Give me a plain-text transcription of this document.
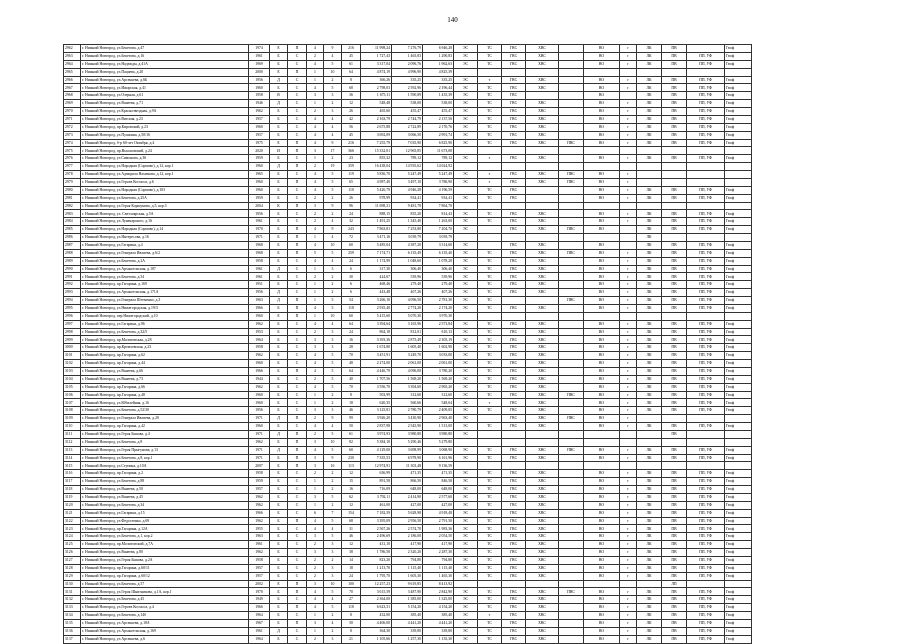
140
2962	г. Нижний Новгород, ул.Бекетова, д.47	1974	Е	П	4	9	216	11 998,24	7 276,79	6 946,20	ЭС	ТС	ГВС	ХВС		ВО	г	ЛК	ПВ		Гвоф
2963	г. Нижний Новгород, ул.Бекетова, д.16	1961	Б	С	2	4	45	1 727,43	1 465,83	1 290,83	ЭС	ТС	ГВС	ХВС		ВО	г	ЛК	ПВ	ПП, УФ	Гвоф
2964	г. Нижний Новгород, ул.Надежды, д.41А	1969	Б	С	4	5	61	3 317,04	2 096,76	1 962,63	ЭС	ТС	ГВС	ХВС		ВО	г	ЛК	ПВ	ПП, УФ	Гвоф
2965	г. Нижний Новгород, ул.Пацаева, д.20	2000	Е	П	1	10	64	4 874,19	4 996,90	4 825,39											
2966	г. Нижний Новгород, ул.Арсеньева, д.6Б	1956	Д	С	1	2	8	366,26	335,25	335,25	ЭС	т	ГВС	ХВС		ВО	г	ЛК	ПВ	ПП, УФ	Гвоф
2967	г. Нижний Новгород, ул.Ижорская, д.41	1960	Б	С	4	5	68	2 798,03	2 592,96	2 196,44	ЭС	ТС	ГВС	ХВС		ВО	г	ЛК	ПВ	ПП, УФ	Гвоф
2968	г. Нижний Новгород, ул.Озерная, д.61	1958	В	С	3	3	36	1 675,11	1 590,89	1 435,39	ЭС	ТС	ГВС			ВО		ЛК	ПВ	ПП, УФ	Гвоф
2969	г. Нижний Новгород, ул.Ванеева, д.71	1946	Д	С	1	2	12	548,48	538,00	538,00	ЭС	ТС	ГВС	ХВС		ВО	г	ЛК	ПВ	ПП, УФ	Гвоф
2970	г. Нижний Новгород, ул.Краснозвездная, д.9А	1962	Б	С	2	3	26	465,60	455,47	455,47	ЭС	ТС	ГВС	ХВС		ВО	г	ЛК	ПВ	ПП, УФ	Гвоф
2971	г. Нижний Новгород, ул.Вятская, д.23	1957	Б	С	4	4	42	2 163,79	2 744,79	2 137,56	ЭС	ТС	ГВС	ХВС		ВО	г	ЛК	ПВ	ПП, УФ	Гвоф
2972	г. Нижний Новгород, пр.Кировский, д.23	1960	Б	С	4	4	56	2 675,88	2 722,89	2 170,76	ЭС	ТС	ГВС	ХВС		ВО	г	ЛК	ПВ	ПП, УФ	Гвоф
2973	г. Нижний Новгород, ул.Пушкина, д.50/16	1957	Б	С	4	4	45	3 692,09	3 066,50	2 991,74	ЭС	ТС	ГВС	ХВС		ВО	г	ЛК	ПВ	ПП, УФ	Гвоф
2974	г. Нижний Новгород, б-р 60-лет Октября, д.4	1975	Е	П	4	9	216	7 255,79	7 035,90	6 825,90	ЭС	ТС	ГВС	ХВС	ПВС	ВО	г	ЛК	ПВ	ПП, УФ	Гвоф
2975	г. Нижний Новгород, пр.Высоковский, д.24	2020	И	П	3	17	366	15 332,01	12 965,85	11 673,08											
2976	г. Нижний Новгород, ул.Симонова, д.36	1959	Б	С	1	2	23	855,32	789,12	789,12	ЭС	т	ГВС	ХВС		ВО	г	ЛК	ПВ	ПП, УФ	Гвоф
2977	г. Нижний Новгород, ул.Народная (Сормово), д.12, кор.1	1960	Д	П	2	19	359	16 438,04	14 935,62	14 624,92											
2978	г. Нижний Новгород, ул.Адмирала Нахимова, д.12, кор.1	1965	Б	С	4	5	119	5 836,70	5 247,49	5 247,49	ЭС	т	ГВС	ХВС	ПВС	ВО	г				
2979	г. Нижний Новгород, ул.Героев Космоса, д.6	1960	Б	П	4	5	65	4 987,40	3 497,10	3 786,90	ЭС	т	ГВС	ХВС	ПВС	ВО	г				
2980	г. Нижний Новгород, ул.Народная (Сормово), д.103	1960	Б	С	4	5	110	5 426,79	4 946,28	4 196,59		ТС	ГВС			ВО	г	ЛК	ПВ	ПП, УФ	Гвоф
2981	г. Нижний Новгород, ул.Бекетова, д.25А	1959	Б	С	2	2	26	978,99	934,41	934,41	ЭС	ТС	ГВС			ВО	г	ЛК	ПВ	ПП, УФ	Гвоф
2982	г. Нижний Новгород, ул.Героя Коршунова, д.5, кор.3	2004	К	П	3	9	96	11 698,31	9 481,78	7 864,70											
2983	г. Нижний Новгород, ул. Светлоярская, д.5А	1956	Б	С	2	2	24	888,15	835,20	814,43	ЭС	ТС	ГВС	ХВС		ВО	г	ЛК	ПВ	ПП, УФ	Гвоф
2984	г. Нижний Новгород, ул.Луначарского, д.16	1961	Б	С	2	4	32	1 491,25	1 345,40	1 263,00	ЭС	ТС	ГВС	ХВС		ВО	г	ЛК	ПВ	ПП, УФ	Гвоф
2985	г. Нижний Новгород, ул.Народная (Сормово), д.14	1970	Б	П	4	9	243	7 863,81	7 253,80	7 204,70	ЭС		ГВС	ХВС	ПВС	ВО		ЛК	ПВ	ПП, УФ	Гвоф
2986	г. Нижний Новгород, ул.Интересова, д.16	1971	Б	П	1	4	72	3 471,16	3 039,79	3 039,79								ЛК			
2987	г. Нижний Новгород, ул.Гагарина, д.4	1968	Б	П	4	10	60	5 485,04	4 387,20	3 314,60	ЭС		ГВС	ХВС		ВО		ЛК	ПВ	ПП, УФ	Гвоф
2988	г. Нижний Новгород, ул.Генерала Ивлиева, д.6/2	1968	Б	П	5	5	259	7 174,71	6 135,49	6 135,40	ЭС	ТС	ГВС	ХВС	ПВС	ВО	г	ЛК	ПВ	ПП, УФ	Гвоф
2989	г. Нижний Новгород, ул.Бекетова, д.2А	1958	Б	С	4	4	24	1 174,99	1 048,60	1 078,28	ЭС	ТС	ГВС	ХВС		ВО	г	ЛК	ПВ	ПП, УФ	Гвоф
2990	г. Нижний Новгород, ул.Архангельская, д.187	1961	Д	С	1	3	6	317,30	306,40	306,40	ЭС	ТС	ГВС	ХВС		ВО	г	ЛК	ПВ	ПП, УФ	Гвоф
2991	г. Нижний Новгород, ул.Бекетова, д.54	1961	Б	С	2	2	30	424,67	539,96	539,96	ЭС	ТС	ГВС	ХВС		ВО	г	ЛК	ПВ	ПП, УФ	Гвоф
2992	г. Нижний Новгород, пр.Гагарина, д.169	1951	Б	С	1	2	6	468,46	279,40	279,40	ЭС	ТС	ГВС	ХВС		ВО	г	ЛК	ПВ	ПП, УФ	Гвоф
2993	г. Нижний Новгород, ул.Архангельская, д.171А	1956	Д	С	1	2	6	443,48	407,26	407,26	ЭС	ТС	ГВС	ХВС		ВО	г	ЛК	ПВ	ПП, УФ	Гвоф
2994	г. Нижний Новгород, ул.Генерала Штеменко, д.3	1963	Д	П	1	5	54	3 266,10	4 096,50	2 781,30	ЭС	ТС			ПВС	ВО	г	ЛК	ПВ	ПП, УФ	Гвоф
2995	г. Нижний Новгород, ул.Нижегородская, д.19/3	1966	Б	П	4	5	118	2 935,40	2 774,20	2 174,20	ЭС	ТС	ГВС	ХВС		ВО	г	ЛК	ПВ	ПП, УФ	Гвоф
2996	г. Нижний Новгород, пер.Нижегородский, д.10	1960	Е	П	1	10	60	5 415,60	5 070,30	3 970,30											
2997	г. Нижний Новгород, ул.Гагарина, д.96	1962	Б	С	4	4	64	3 394,64	3 165,96	2 573,84	ЭС	ТС	ГВС	ХВС		ВО	г	ЛК	ПВ	ПП, УФ	Гвоф
2998	г. Нижний Новгород, ул.Бекетова, д.32Л	1953	Б	С	2	3	24	864,18	812,01	610,13	ЭС	ТС	ГВС	ХВС		ВО	г	ЛК	ПВ	ПП, УФ	Гвоф
2999	г. Нижний Новгород, пр.Молитовская, д.28	1964	Б	С	3	3	16	3 393,36	2 875,49	2 305,19	ЭС	ТС	ГВС	ХВС		ВО	г	ЛК	ПВ	ПП, УФ	Гвоф
3000	г. Нижний Новгород, пр.Кремлевская, д.23	1958	Б	С	3	3	28	1 674,80	1 605,40	1 602,90	ЭС	ТС	ГВС	ХВС		ВО	г	ЛК	ПВ	ПП, УФ	Гвоф
3101	г. Нижний Новгород, пр.Гагарина, д.62	1962	Б	С	4	5	70	3 451,91	3 249,70	3 033,00	ЭС	ТС	ГВС	ХВС		ВО	г	ЛК	ПВ	ПП, УФ	Гвоф
3102	г. Нижний Новгород, пр.Гагарина, д.44	1960	Б	С	4	5	48	2 274,00	2 061,00	2 061,00	ЭС	ТС	ГВС	ХВС		ВО	г	ЛК	ПВ	ПП, УФ	Гвоф
3103	г. Нижний Новгород, ул.Ванеева, д.66	1966	Б	П	4	5	64	4 446,79	4 096,00	3 780,20	ЭС	ТС	ГВС	ХВС		ВО	г	ЛК	ПВ	ПП, УФ	Гвоф
3104	г. Нижний Новгород, ул.Ванеева, д.73	1944	Б	С	2	5	40	1 707,56	1 569,20	1 569,20	ЭС	ТС	ГВС	ХВС		ВО	г	ЛК	ПВ	ПП, УФ	Гвоф
3105	г. Нижний Новгород, пр.Гагарина, д.66	1962	Б	С	4	5	70	3 556,70	3 394,60	2 965,20	ЭС	ТС	ГВС	ХВС		ВО	г	ЛК	ПВ	ПП, УФ	Гвоф
3106	г. Нижний Новгород, пр.Гагарина, д.48	1960	Б	С	1	2	8	503,99	312,60	312,60	ЭС	ТС	ГВС	ХВС	ПВС	ВО	г	ЛК	ПВ	ПП, УФ	Гвоф
3107	г. Нижний Новгород, ул.Юбилейная, д.16	1960	Б	С	1	2	18	620,35	560,66	548,04	ЭС	т	ГВС	ХВС		ВО	г	ЛК	ПВ	ПП, УФ	Гвоф
3108	г. Нижний Новгород, ул.Бекетова, д.52/30	1956	Б	С	3	3	46	3 125,81	2 780,79	2 409,05	ЭС	ТС	ГВС	ХВС		ВО	г	ЛК	ПВ	ПП, УФ	Гвоф
3109	г. Нижний Новгород, ул.Генерала Ивлиева, д.20	1971	Д	П	2	9	99	3 926,20	3 430,90	2 963,40	ЭС		ГВС	ХВС	ПВС	ВО	г				
3110	г. Нижний Новгород, пр.Гагарина, д.42	1960	Б	С	4	4	50	2 837,98	2 545,90	1 513,00	ЭС	ТС	ГВС	ХВС		ВО	г	ЛК	ПВ	ПП, УФ	Гвоф
3111	г. Нижний Новгород, ул.Героя Быкова, д.4	1971	Д	П	2	5	61	3 974,93	3 980,80	3 980,80	ЭС								ПВ		
3112	г. Нижний Новгород, ул.Бекетова, д.8	1962	Б	П	3	10	82	5 384,10	5 290,46	5 279,80											
3113	г. Нижний Новгород, ул.Героя Прыгунова, д.13	1971	Д	П	4	5	60	4 129,00	3 698,99	3 068,90	ЭС	ТС	ГВС	ХВС	ПВС	ВО	г	ЛК	ПВ	ПП, УФ	Гвоф
3114	г. Нижний Новгород, ул.Бекетова, д.8, кор.1	1971	Б	П	3	9	230	7 335,53	6 978,90	6 161,96	ЭС	ТС	ГВС	ХВС		ВО	г	ЛК	ПВ	ПП, УФ	Гвоф
3115	г. Нижний Новгород, ул.Ступина, д.10А	2007	Б	П	3	16	113	12 974,91	11 303,48	9 136,59											
3116	г. Нижний Новгород, пр.Гагарина, д.2	1958	Б	С	2	2	12	636,99	471,35	471,35	ЭС	ТС	ГВС	ХВС		ВО	г	ЛК	ПВ	ПП, УФ	Гвоф
3117	г. Нижний Новгород, ул.Бекетова, д.88	1959	Б	С	1	2	15	891,58	866,50	846,58	ЭС	ТС	ГВС	ХВС		ВО	г	ЛК	ПВ	ПП, УФ	Гвоф
3118	г. Нижний Новгород, ул.Ванеева, д.50	1957	Б	С	1	2	16	716,09	648,00	648,00	ЭС	ТС	ГВС	ХВС		ВО	г	ЛК	ПВ	ПП, УФ	Гвоф
3119	г. Нижний Новгород, ул.Ванеева, д.45	1962	Б	С	3	5	62	3 792,11	2 414,90	2 577,60	ЭС	ТС	ГВС	ХВС		ВО	г	ЛК	ПВ	ПП, УФ	Гвоф
3120	г. Нижний Новгород, ул.Бекетова, д.34	1962	Б	С	1	2	12	461,00	427,00	427,00	ЭС	ТС	ГВС	ХВС		ВО	г	ЛК	ПВ	ПП, УФ	Гвоф
3121	г. Нижний Новгород, ул.Гагарина, д.15	1966	Б	С	6	7	154	7 182,59	5 628,98	4 918,48	ЭС	ТС	ГВС	ХВС		ВО	г	ЛК	ПВ	ПП, УФ	Гвоф
3122	г. Нижний Новгород, ул.Федосеенко, д.69	1962	Б	П	4	5	68	3 395,09	2 956,50	2 791,50	ЭС	ТС	ГВС	ХВС		ВО	г	ЛК	ПВ	ПП, УФ	Гвоф
3123	г. Нижний Новгород, пр.Гагарина, д.12А	1955	Б	С	4	4	31	2 567,26	2 574,70	1 983,36	ЭС	ТС	ГВС	ХВС		ВО	г	ЛК	ПВ	ПП, УФ	Гвоф
3124	г. Нижний Новгород, ул.Бекетова, д.1, кор.2	1963	Б	С	3	5	46	2 496,69	2 186,00	2 054,50	ЭС	ТС	ГВС	ХВС		ВО	г	ЛК	ПВ	ПП, УФ	Гвоф
3125	г. Нижний Новгород, пр.Молитовский, д.7А	1961	Б	С	2	3	12	431,10	417,90	417,90	ЭС	ТС	ГВС	ХВС		ВО	г	ЛК	ПВ	ПП, УФ	Гвоф
3126	г. Нижний Новгород, ул.Ванеева, д.80	1962	Б	С	3	3	38	1 786,58	2 320,20	2 287,30	ЭС	ТС	ГВС	ХВС		ВО	г	ЛК	ПВ	ПП, УФ	Гвоф
3127	г. Нижний Новгород, ул.Героя Быкова, д.2А	1958	Б	С	2	2	14	823,20	794,80	794,80	ЭС	ТС	ГВС	ХВС		ВО	г	ЛК	ПВ	ПП, УФ	Гвоф
3128	г. Нижний Новгород, пр.Гагарина, д.60/11	1957	Б	С	2	3	18	1 213,70	1 115,40	1 115,40	ЭС	ТС	ГВС	ХВС		ВО	г	ЛК	ПВ	ПП, УФ	Гвоф
3129	г. Нижний Новгород, пр.Гагарина, д.60/12	1957	Б	С	2	3	24	1 795,70	1 605,30	1 465,30	ЭС	ТС	ГВС	ХВС		ВО	г	ЛК	ПВ	ПП, УФ	Гвоф
3130	г. Нижний Новгород, ул.Бекетова, д.57	2002	Е	П	3	10	100	12 257,23	9 619,85	8 413,92									ЛП		
3131	г. Нижний Новгород, ул.Героя Шнитникова, д.1А, кор.1	1970	Б	П	4	5	70	3 615,59	3 487,90	2 842,90	ЭС	ТС	ГВС	ХВС	ПВС	ВО	г	ЛК	ПВ	ПП, УФ	Гвоф
3132	г. Нижний Новгород, ул.Бекетова, д.45	1949	Б	С	4	4	27	2 364,00	1 385,00	1 325,00	ЭС	ТС	ГВС	ХВС		ВО	г	ЛК	ПВ	ПП, УФ	Гвоф
3133	г. Нижний Новгород, ул.Героев Космоса, д.4	1966	Б	П	4	5	118	6 623,31	5 154,20	4 154,20	ЭС	ТС	ГВС	ХВС		ВО	г	ЛК	ПВ	ПП, УФ	Гвоф
3134	г. Нижний Новгород, ул.Бекетова, д.14б	1964	Б	С	1	2	8	432,00	385,40	385,40	ЭС	т	ГВС	ХВС		ВО	г	ЛК	ПВ	ПП, УФ	Гвоф
3135	г. Нижний Новгород, ул.Арсеньева, д.18А	1967	Б	П	3	4	50	4 406,00	4 441,20	4 441,20	ЭС	ТС	ГВС	ХВС		ВО	г	ЛК	ПВ	ПП, УФ	Гвоф
3136	г. Нижний Новгород, ул.Архангельская, д.169	1961	Д	С	1	2	8	364,30	339,80	339,80	ЭС	ТС	ГВС	ХВС		ВО	г	ЛК	ПВ	ПП, УФ	Гвоф
3137	г. Нижний Новгород, ул.Арсеньева, д.6	1964	Б	С	2	3	21	1 105,66	1 257,30	1 135,30	ЭС	ТС	ГВС	ХВС		ВО	г	ЛК	ПВ	ПП, УФ	Гвоф
